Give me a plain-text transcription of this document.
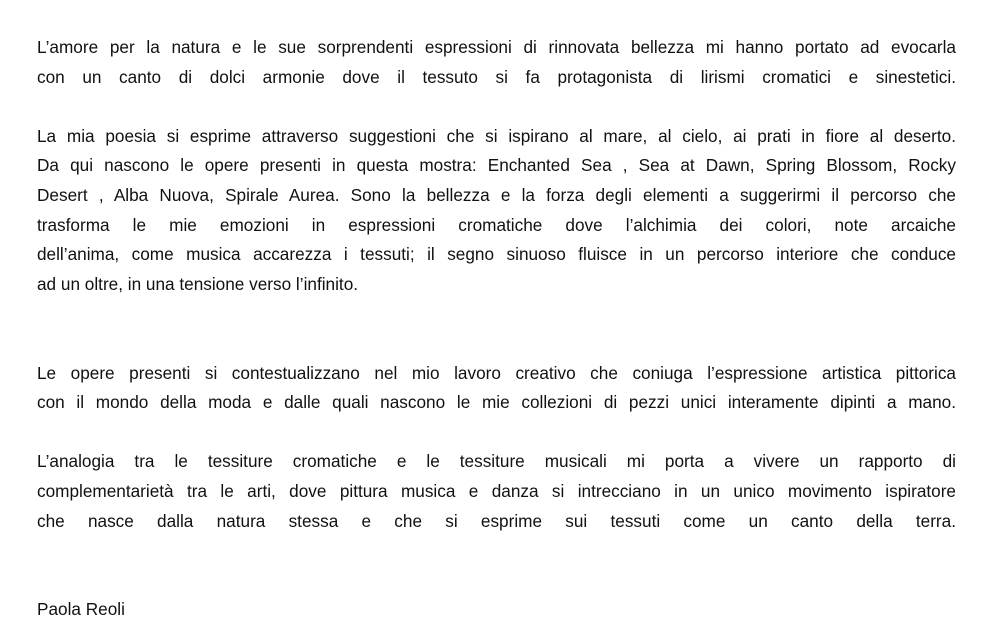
L’amore per la natura e le sue sorprendenti espressioni di rinnovata bellezza mi hanno portato ad evocarla
con un canto di dolci armonie dove il tessuto si fa protagonista di lirismi cromatici e sinestetici.

La mia poesia si esprime attraverso suggestioni che si ispirano al mare, al cielo, ai prati in fiore al deserto.
Da qui nascono le opere presenti in questa mostra: Enchanted Sea , Sea at Dawn, Spring Blossom, Rocky
Desert , Alba Nuova, Spirale Aurea. Sono la bellezza e la forza degli elementi a suggerirmi il percorso che
trasforma le mie emozioni in espressioni cromatiche dove l’alchimia dei colori, note arcaiche
dell’anima, come musica accarezza i tessuti; il segno sinuoso fluisce in un percorso interiore che conduce
ad un oltre, in una tensione verso l’infinito.

Le opere presenti si contestualizzano nel mio lavoro creativo che coniuga l’espressione artistica pittorica
con il mondo della moda e dalle quali nascono le mie collezioni di pezzi unici interamente dipinti a mano.

L’analogia tra le tessiture cromatiche e le tessiture musicali mi porta a vivere un rapporto di
complementarietà tra le arti, dove pittura musica e danza si intrecciano in un unico movimento ispiratore
che nasce dalla natura stessa e che si esprime sui tessuti come un canto della terra.

Paola Reoli
